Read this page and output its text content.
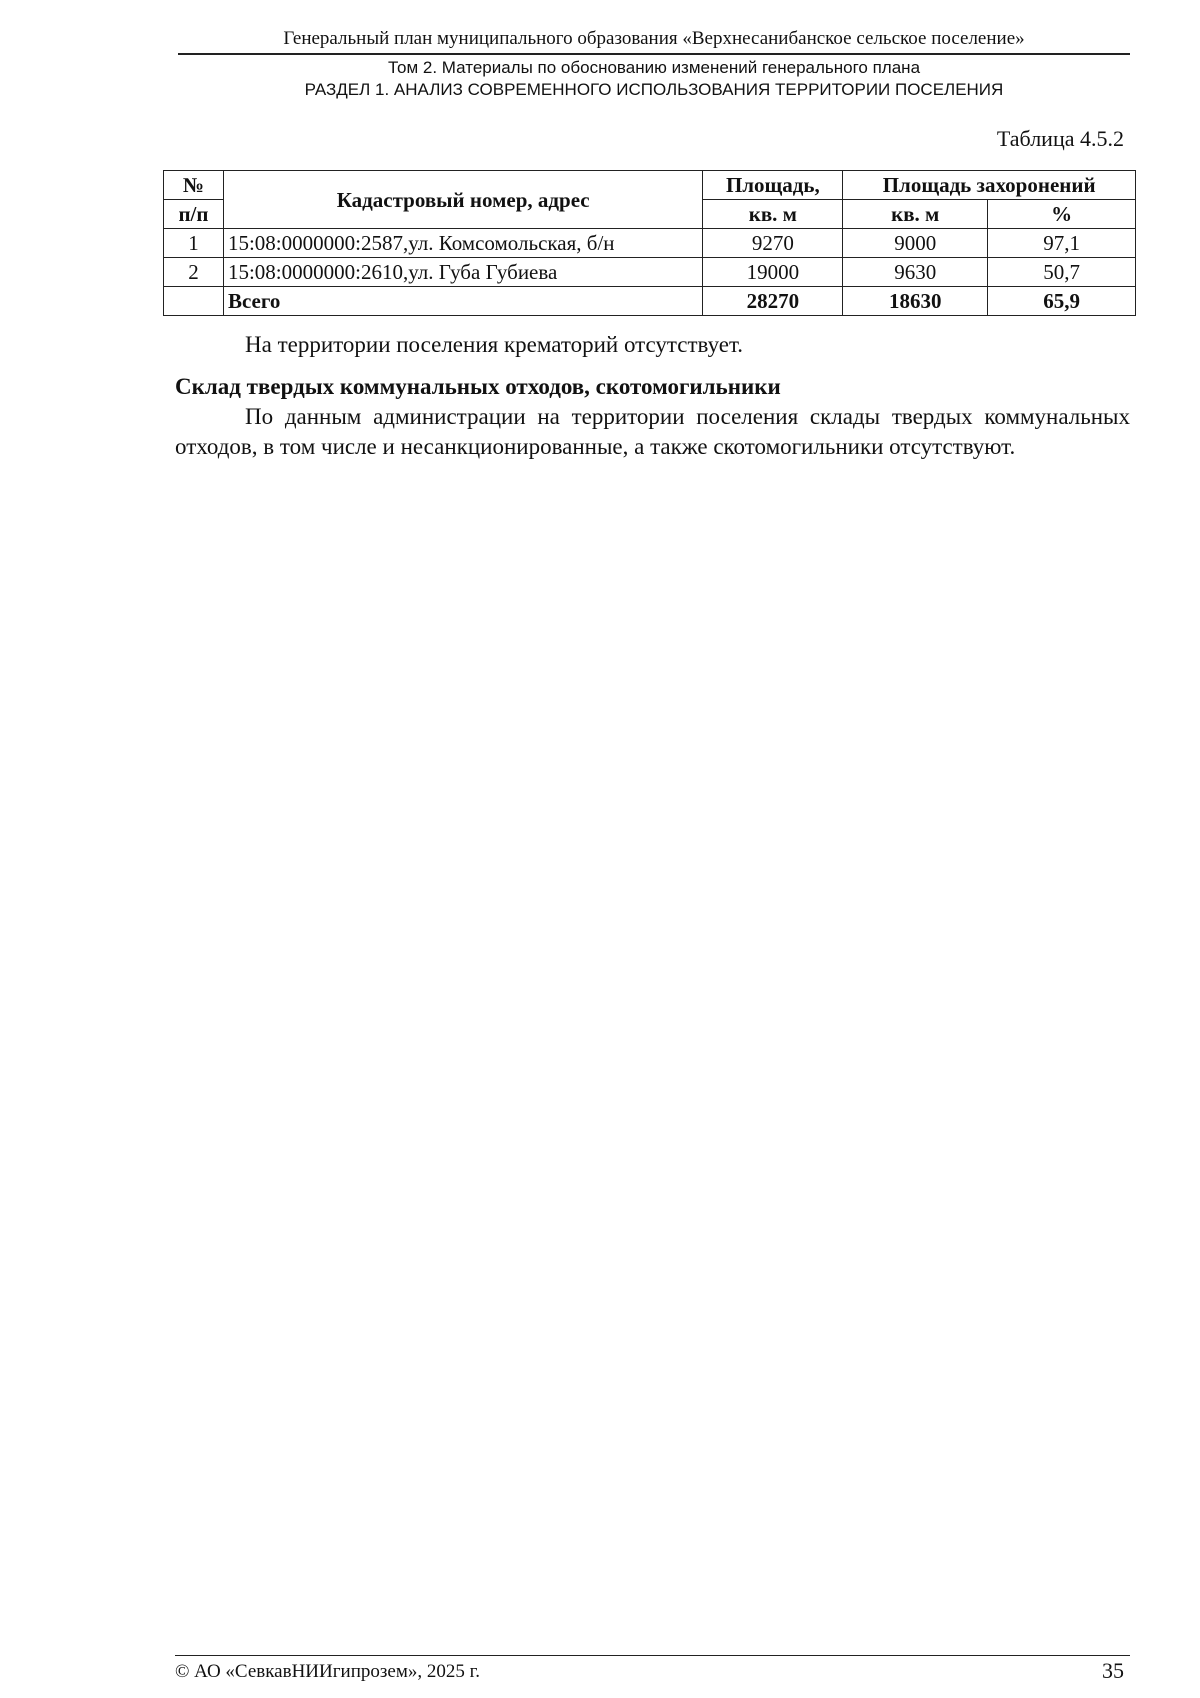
Генеральный план муниципального образования «Верхнесанибанское сельское поселение»
Том 2. Материалы по обоснованию изменений генерального плана
РАЗДЕЛ 1. АНАЛИЗ СОВРЕМЕННОГО ИСПОЛЬЗОВАНИЯ ТЕРРИТОРИИ ПОСЕЛЕНИЯ
Таблица 4.5.2
№	Кадастровый номер, адрес	Площадь,	Площадь захоронений	
п/п		кв. м	кв. м	%
1	15:08:0000000:2587,ул. Комсомольская, б/н	9270	9000	97,1
2	15:08:0000000:2610,ул. Губа Губиева	19000	9630	50,7
	Всего	28270	18630	65,9
На территории поселения крематорий отсутствует.
Склад твердых коммунальных отходов, скотомогильники
По данным администрации на территории поселения склады твердых коммунальных отходов, в том числе и несанкционированные, а также скотомогильники отсутствуют.
© АО «СевкавНИИгипрозем», 2025 г.	35
